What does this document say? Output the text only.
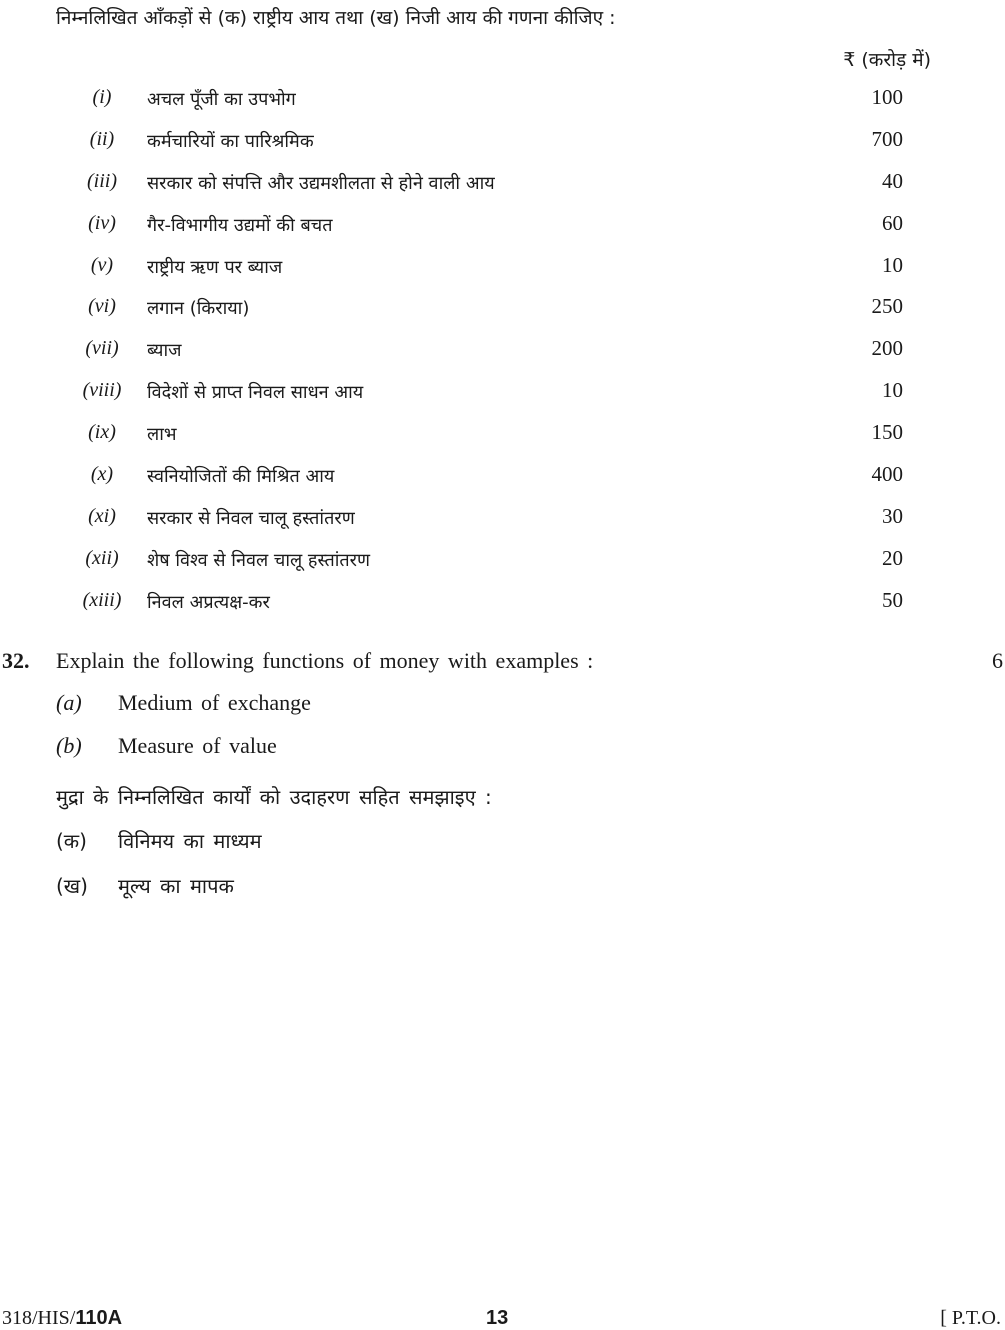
निम्नलिखित आँकड़ों से (क) राष्ट्रीय आय तथा (ख) निजी आय की गणना कीजिए :
₹ (करोड़ में)
(i)	अचल पूँजी का उपभोग	100
(ii)	कर्मचारियों का पारिश्रमिक	700
(iii)	सरकार को संपत्ति और उद्यमशीलता से होने वाली आय	40
(iv)	गैर-विभागीय उद्यमों की बचत	60
(v)	राष्ट्रीय ऋण पर ब्याज	10
(vi)	लगान (किराया)	250
(vii)	ब्याज	200
(viii)	विदेशों से प्राप्त निवल साधन आय	10
(ix)	लाभ	150
(x)	स्वनियोजितों की मिश्रित आय	400
(xi)	सरकार से निवल चालू हस्तांतरण	30
(xii)	शेष विश्व से निवल चालू हस्तांतरण	20
(xiii)	निवल अप्रत्यक्ष-कर	50
32. Explain the following functions of money with examples :	6
(a) Medium of exchange
(b) Measure of value
मुद्रा के निम्नलिखित कार्यों को उदाहरण सहित समझाइए :
(क) विनिमय का माध्यम
(ख) मूल्य का मापक
318/HIS/110A	13	[ P.T.O.
